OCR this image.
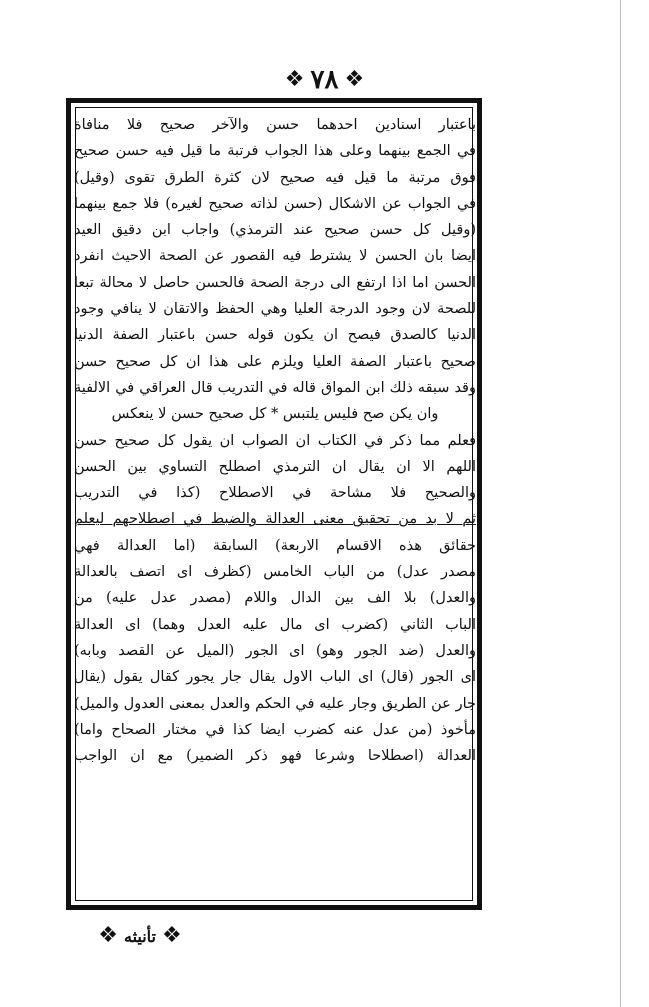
❖ ٧٨ ❖
باعتبار اسنادين احدهما حسن والآخر صحيح فلا منافاة
في الجمع بينهما وعلى هذا الجواب فرتبة ما قيل فيه حسن صحيح
فوق مرتبة ما قيل فيه صحيح لان كثرة الطرق تقوى (وقيل)
في الجواب عن الاشكال (حسن لذاته صحيح لغيره) فلا جمع بينهما
(وقيل كل حسن صحيح عند الترمذي) واجاب ابن دقيق العيد
ايضا بان الحسن لا يشترط فيه القصور عن الصحة الاحيث انفرد
الحسن اما اذا ارتفع الى درجة الصحة فالحسن حاصل لا محالة تبعا
للصحة لان وجود الدرجة العليا وهي الحفظ والاتقان لا ينافي وجود
الدنيا كالصدق فيصح ان يكون قوله حسن باعتبار الصفة الدنيا
صحيح باعتبار الصفة العليا ويلزم على هذا ان كل صحيح حسن
وقد سبقه ذلك ابن المواق قاله في التدريب قال العراقي في الالفية
وان يكن صح فليس يلتبس * كل صحيح حسن لا ينعكس
فعلم مما ذكر في الكتاب ان الصواب ان يقول كل صحيح حسن
اللهم الا ان يقال ان الترمذي اصطلح التساوي بين الحسن
والصحيح فلا مشاحة في الاصطلاح (كذا في التدريب
ثم لا بد من تحقيق معنى العدالة والضبط في اصطلاحهم ليعلم
حقائق هذه الاقسام الاربعة) السابقة (اما العدالة فهي
مصدر عدل) من الباب الخامس (كظرف اى اتصف بالعدالة
والعدل) بلا الف بين الدال واللام (مصدر عدل عليه) من
الباب الثاني (كضرب اى مال عليه العدل وهما) اى العدالة
والعدل (ضد الجور وهو) اى الجور (الميل عن القصد وبابه)
اى الجور (قال) اى الباب الاول يقال جار يجور كقال يقول (يقال
جار عن الطريق وجار عليه في الحكم والعدل بمعنى العدول والميل)
مأخوذ (من عدل عنه كضرب ايضا كذا في مختار الصحاح واما)
العدالة (اصطلاحا وشرعا فهو ذكر الضمير) مع ان الواجب
❖ تأنيثه ❖
